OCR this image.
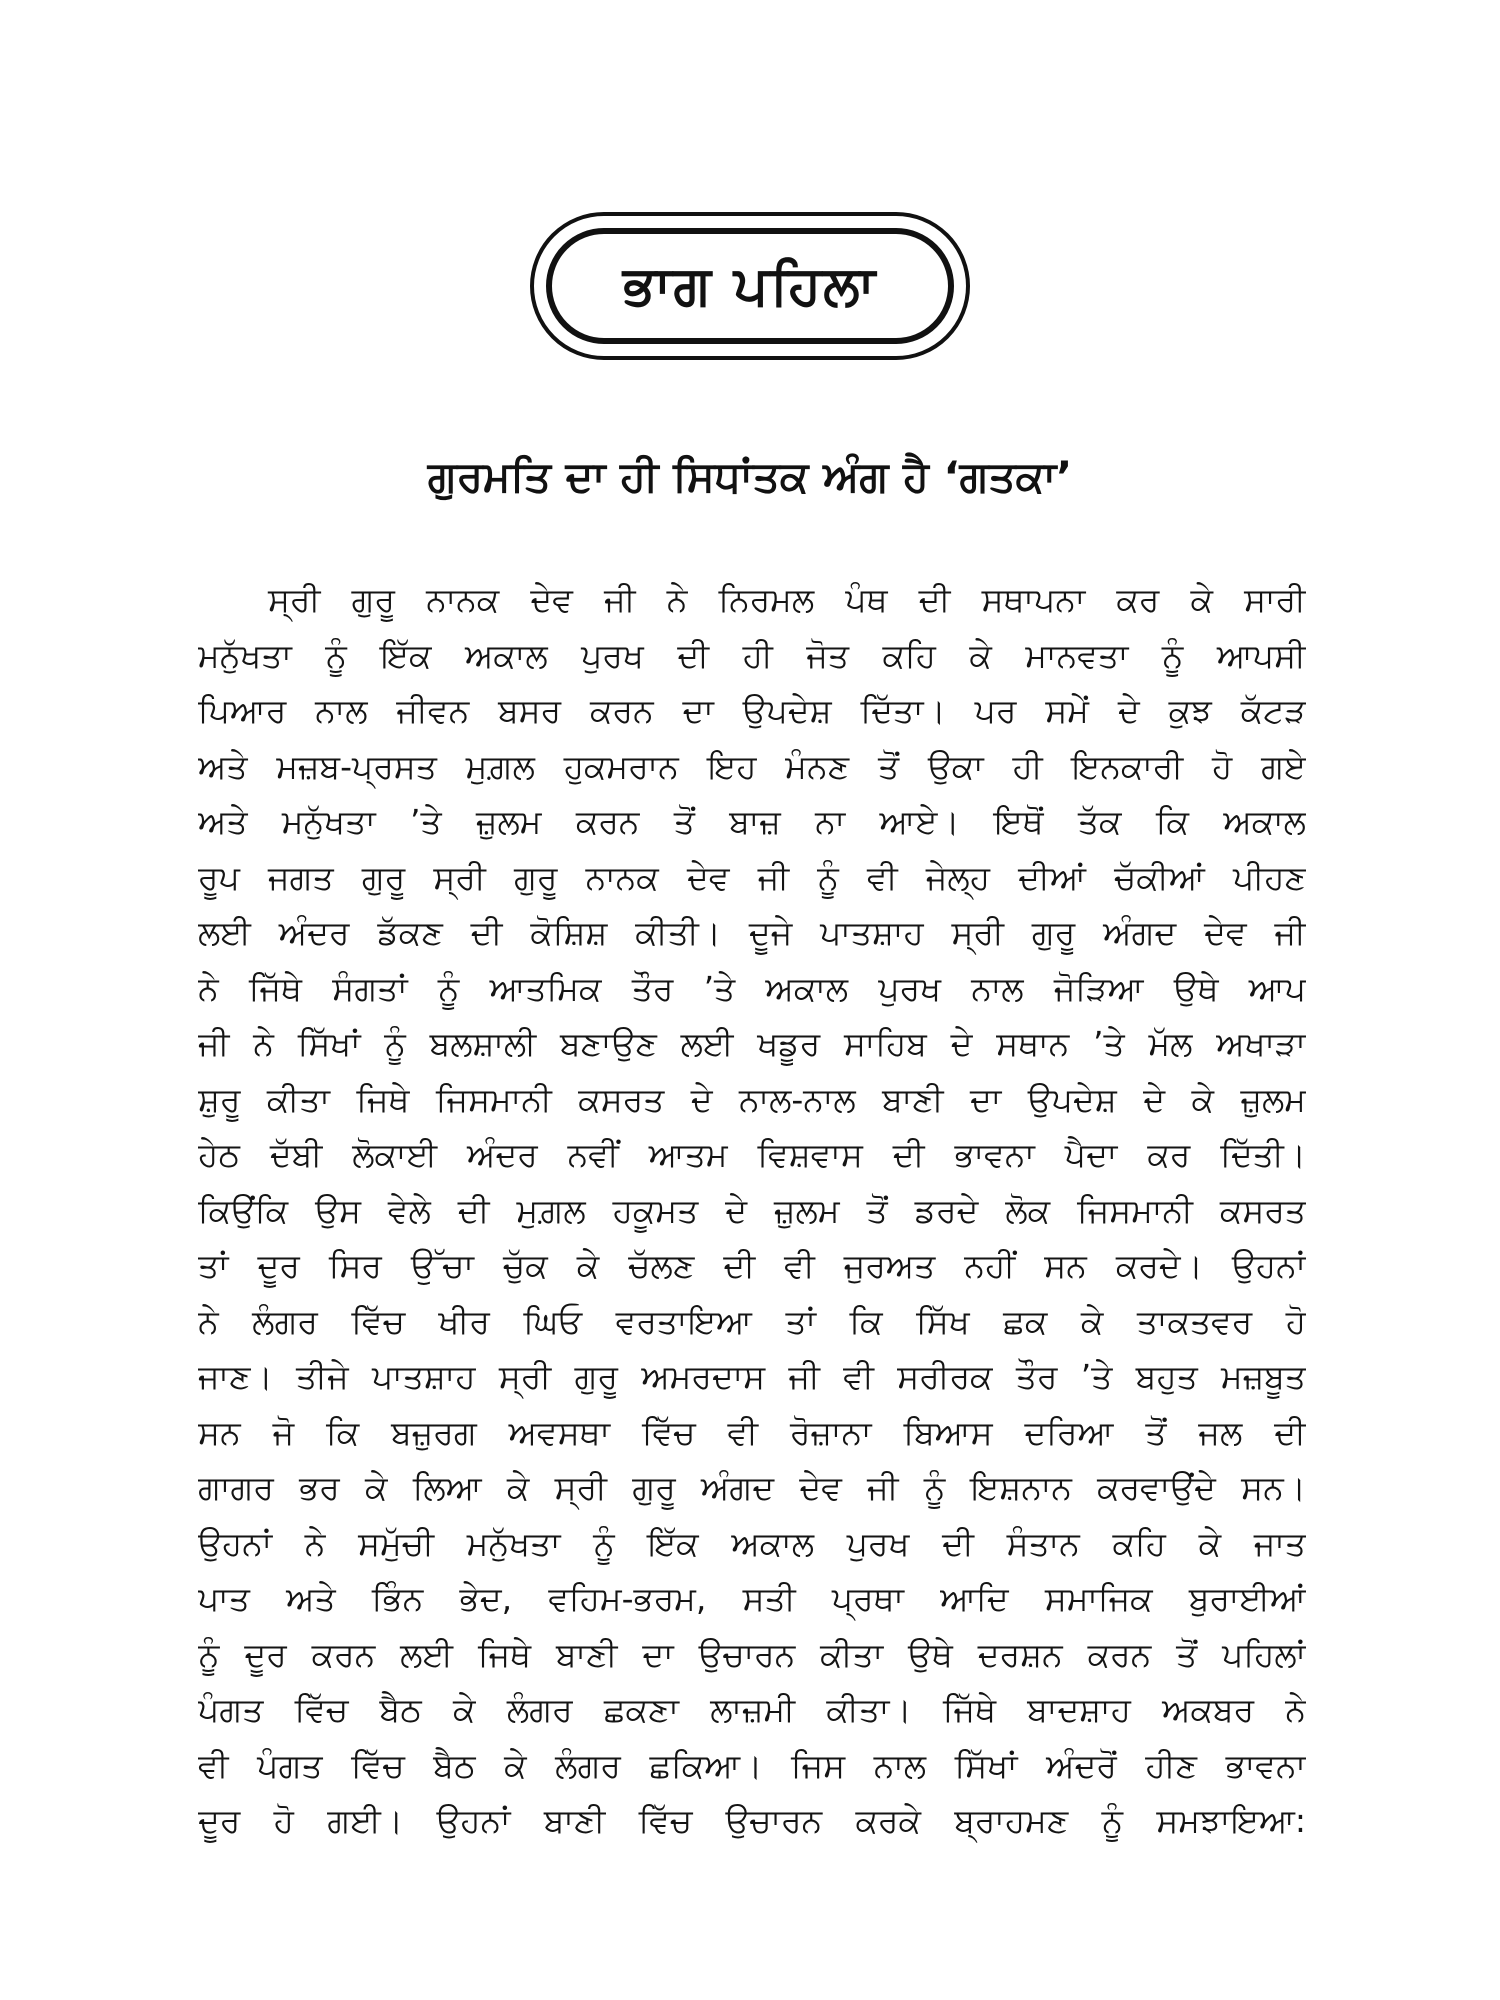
ਭਾਗ ਪਹਿਲਾ
ਗੁਰਮਤਿ ਦਾ ਹੀ ਸਿਧਾਂਤਕ ਅੰਗ ਹੈ ‘ਗਤਕਾ’
ਸ੍ਰੀ ਗੁਰੂ ਨਾਨਕ ਦੇਵ ਜੀ ਨੇ ਨਿਰਮਲ ਪੰਥ ਦੀ ਸਥਾਪਨਾ ਕਰ ਕੇ ਸਾਰੀ
ਮਨੁੱਖਤਾ ਨੂੰ ਇੱਕ ਅਕਾਲ ਪੁਰਖ ਦੀ ਹੀ ਜੋਤ ਕਹਿ ਕੇ ਮਾਨਵਤਾ ਨੂੰ ਆਪਸੀ
ਪਿਆਰ ਨਾਲ ਜੀਵਨ ਬਸਰ ਕਰਨ ਦਾ ਉਪਦੇਸ਼ ਦਿੱਤਾ। ਪਰ ਸਮੇਂ ਦੇ ਕੁਝ ਕੱਟੜ
ਅਤੇ ਮਜ਼ਬ-ਪ੍ਰਸਤ ਮੁਗ਼ਲ ਹੁਕਮਰਾਨ ਇਹ ਮੰਨਣ ਤੋਂ ਉਕਾ ਹੀ ਇਨਕਾਰੀ ਹੋ ਗਏ
ਅਤੇ ਮਨੁੱਖਤਾ ’ਤੇ ਜ਼ੁਲਮ ਕਰਨ ਤੋਂ ਬਾਜ਼ ਨਾ ਆਏ। ਇਥੋਂ ਤੱਕ ਕਿ ਅਕਾਲ
ਰੂਪ ਜਗਤ ਗੁਰੂ ਸ੍ਰੀ ਗੁਰੂ ਨਾਨਕ ਦੇਵ ਜੀ ਨੂੰ ਵੀ ਜੇਲ੍ਹ ਦੀਆਂ ਚੱਕੀਆਂ ਪੀਹਣ
ਲਈ ਅੰਦਰ ਡੱਕਣ ਦੀ ਕੋਸ਼ਿਸ਼ ਕੀਤੀ। ਦੂਜੇ ਪਾਤਸ਼ਾਹ ਸ੍ਰੀ ਗੁਰੂ ਅੰਗਦ ਦੇਵ ਜੀ
ਨੇ ਜਿੱਥੇ ਸੰਗਤਾਂ ਨੂੰ ਆਤਮਿਕ ਤੌਰ ’ਤੇ ਅਕਾਲ ਪੁਰਖ ਨਾਲ ਜੋੜਿਆ ਉਥੇ ਆਪ
ਜੀ ਨੇ ਸਿੱਖਾਂ ਨੂੰ ਬਲਸ਼ਾਲੀ ਬਣਾਉਣ ਲਈ ਖਡੂਰ ਸਾਹਿਬ ਦੇ ਸਥਾਨ ’ਤੇ ਮੱਲ ਅਖਾੜਾ
ਸ਼ੁਰੂ ਕੀਤਾ ਜਿਥੇ ਜਿਸਮਾਨੀ ਕਸਰਤ ਦੇ ਨਾਲ-ਨਾਲ ਬਾਣੀ ਦਾ ਉਪਦੇਸ਼ ਦੇ ਕੇ ਜ਼ੁਲਮ
ਹੇਠ ਦੱਬੀ ਲੋਕਾਈ ਅੰਦਰ ਨਵੀਂ ਆਤਮ ਵਿਸ਼ਵਾਸ ਦੀ ਭਾਵਨਾ ਪੈਦਾ ਕਰ ਦਿੱਤੀ।
ਕਿਉਂਕਿ ਉਸ ਵੇਲੇ ਦੀ ਮੁਗ਼ਲ ਹਕੂਮਤ ਦੇ ਜ਼ੁਲਮ ਤੋਂ ਡਰਦੇ ਲੋਕ ਜਿਸਮਾਨੀ ਕਸਰਤ
ਤਾਂ ਦੂਰ ਸਿਰ ਉੱਚਾ ਚੁੱਕ ਕੇ ਚੱਲਣ ਦੀ ਵੀ ਜੁਰਅਤ ਨਹੀਂ ਸਨ ਕਰਦੇ। ਉਹਨਾਂ
ਨੇ ਲੰਗਰ ਵਿੱਚ ਖੀਰ ਘਿਓ ਵਰਤਾਇਆ ਤਾਂ ਕਿ ਸਿੱਖ ਛਕ ਕੇ ਤਾਕਤਵਰ ਹੋ
ਜਾਣ। ਤੀਜੇ ਪਾਤਸ਼ਾਹ ਸ੍ਰੀ ਗੁਰੂ ਅਮਰਦਾਸ ਜੀ ਵੀ ਸਰੀਰਕ ਤੌਰ ’ਤੇ ਬਹੁਤ ਮਜ਼ਬੂਤ
ਸਨ ਜੋ ਕਿ ਬਜ਼ੁਰਗ ਅਵਸਥਾ ਵਿੱਚ ਵੀ ਰੋਜ਼ਾਨਾ ਬਿਆਸ ਦਰਿਆ ਤੋਂ ਜਲ ਦੀ
ਗਾਗਰ ਭਰ ਕੇ ਲਿਆ ਕੇ ਸ੍ਰੀ ਗੁਰੂ ਅੰਗਦ ਦੇਵ ਜੀ ਨੂੰ ਇਸ਼ਨਾਨ ਕਰਵਾਉਂਦੇ ਸਨ।
ਉਹਨਾਂ ਨੇ ਸਮੁੱਚੀ ਮਨੁੱਖਤਾ ਨੂੰ ਇੱਕ ਅਕਾਲ ਪੁਰਖ ਦੀ ਸੰਤਾਨ ਕਹਿ ਕੇ ਜਾਤ
ਪਾਤ ਅਤੇ ਭਿੰਨ ਭੇਦ, ਵਹਿਮ-ਭਰਮ, ਸਤੀ ਪ੍ਰਥਾ ਆਦਿ ਸਮਾਜਿਕ ਬੁਰਾਈਆਂ
ਨੂੰ ਦੂਰ ਕਰਨ ਲਈ ਜਿਥੇ ਬਾਣੀ ਦਾ ਉਚਾਰਨ ਕੀਤਾ ਉਥੇ ਦਰਸ਼ਨ ਕਰਨ ਤੋਂ ਪਹਿਲਾਂ
ਪੰਗਤ ਵਿੱਚ ਬੈਠ ਕੇ ਲੰਗਰ ਛਕਣਾ ਲਾਜ਼ਮੀ ਕੀਤਾ। ਜਿੱਥੇ ਬਾਦਸ਼ਾਹ ਅਕਬਰ ਨੇ
ਵੀ ਪੰਗਤ ਵਿੱਚ ਬੈਠ ਕੇ ਲੰਗਰ ਛਕਿਆ। ਜਿਸ ਨਾਲ ਸਿੱਖਾਂ ਅੰਦਰੋਂ ਹੀਣ ਭਾਵਨਾ
ਦੂਰ ਹੋ ਗਈ। ਉਹਨਾਂ ਬਾਣੀ ਵਿੱਚ ਉਚਾਰਨ ਕਰਕੇ ਬ੍ਰਾਹਮਣ ਨੂੰ ਸਮਝਾਇਆ:
